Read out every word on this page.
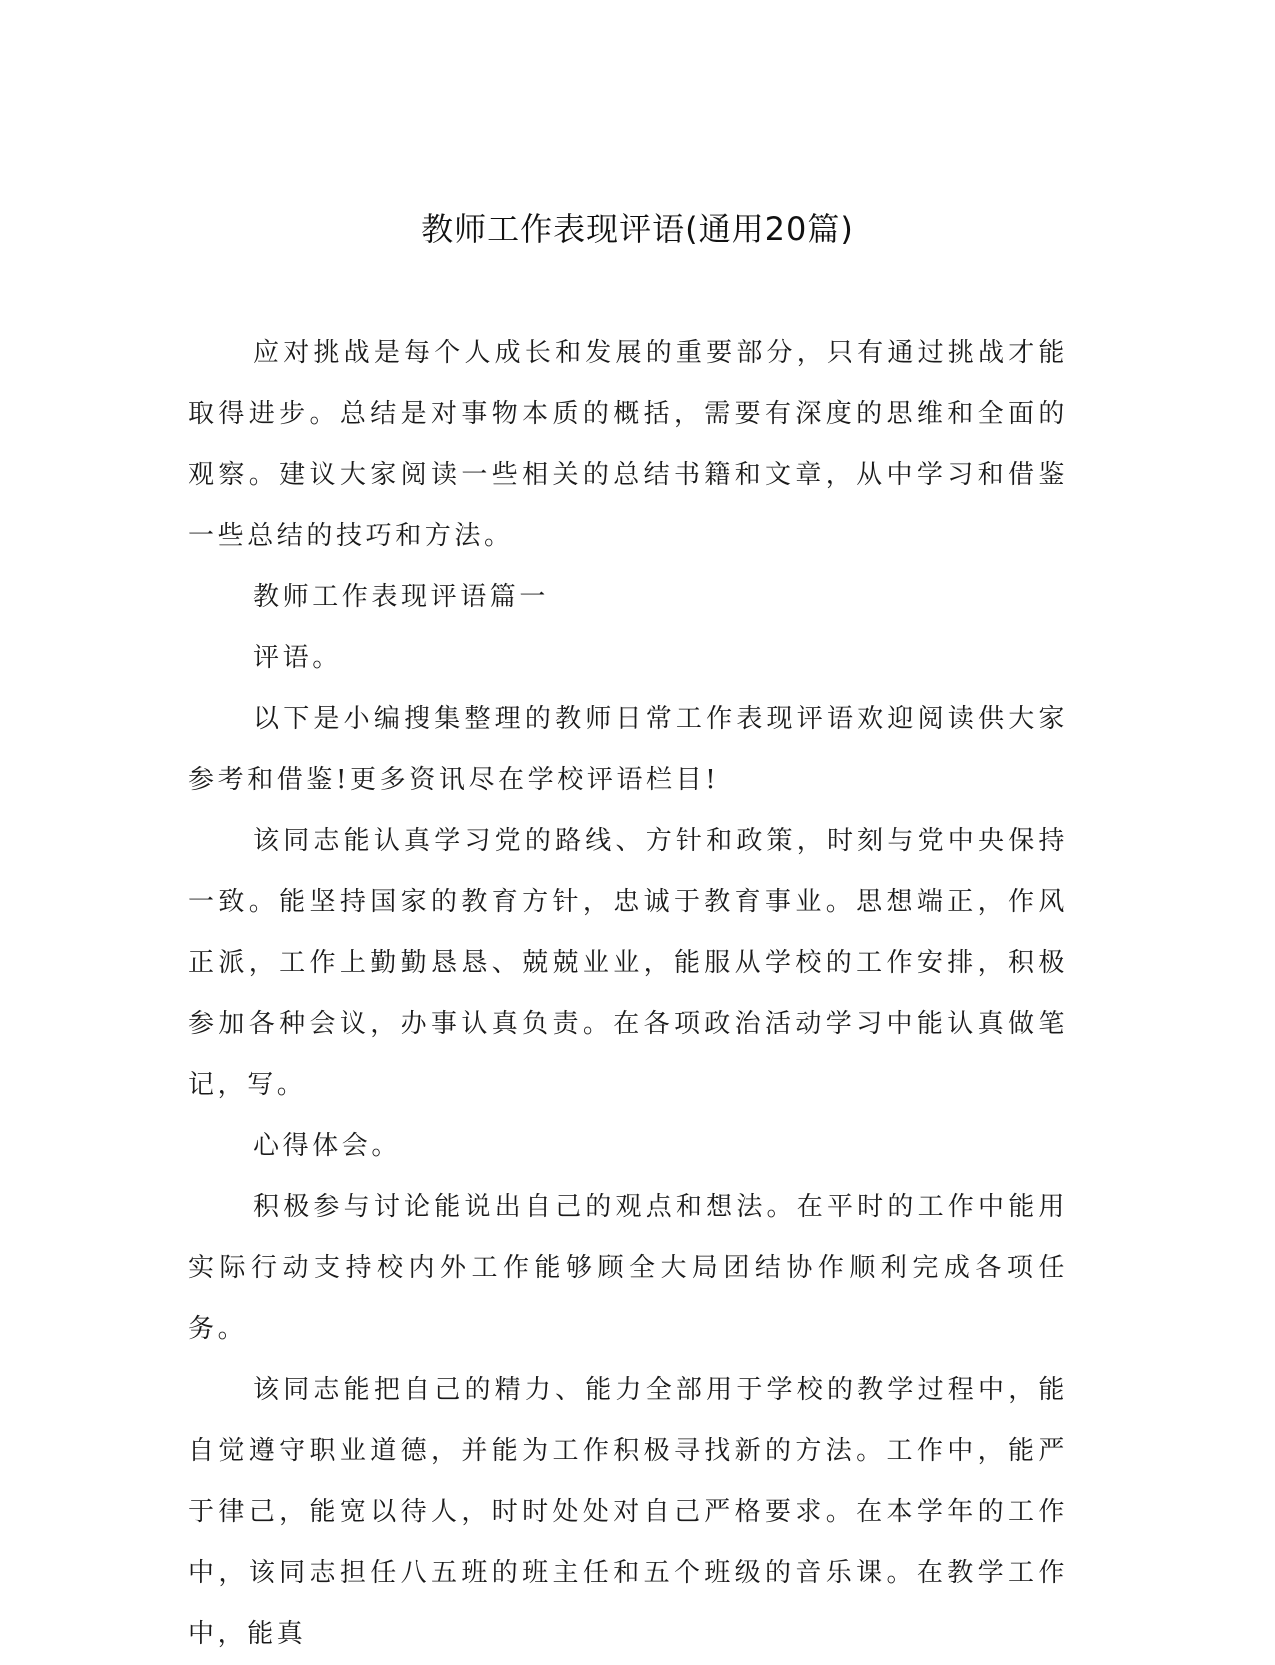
教师工作表现评语(通用20篇)

应对挑战是每个人成长和发展的重要部分，只有通过挑战才能取得进步。总结是对事物本质的概括，需要有深度的思维和全面的观察。建议大家阅读一些相关的总结书籍和文章，从中学习和借鉴一些总结的技巧和方法。

教师工作表现评语篇一

评语。

以下是小编搜集整理的教师日常工作表现评语欢迎阅读供大家参考和借鉴!更多资讯尽在学校评语栏目!

该同志能认真学习党的路线、方针和政策，时刻与党中央保持一致。能坚持国家的教育方针，忠诚于教育事业。思想端正，作风正派，工作上勤勤恳恳、兢兢业业，能服从学校的工作安排，积极参加各种会议，办事认真负责。在各项政治活动学习中能认真做笔记，写。

心得体会。

积极参与讨论能说出自己的观点和想法。在平时的工作中能用实际行动支持校内外工作能够顾全大局团结协作顺利完成各项任务。

该同志能把自己的精力、能力全部用于学校的教学过程中，能自觉遵守职业道德，并能为工作积极寻找新的方法。工作中，能严于律己，能宽以待人，时时处处对自己严格要求。在本学年的工作中，该同志担任八五班的班主任和五个班级的音乐课。在教学工作中，能真
